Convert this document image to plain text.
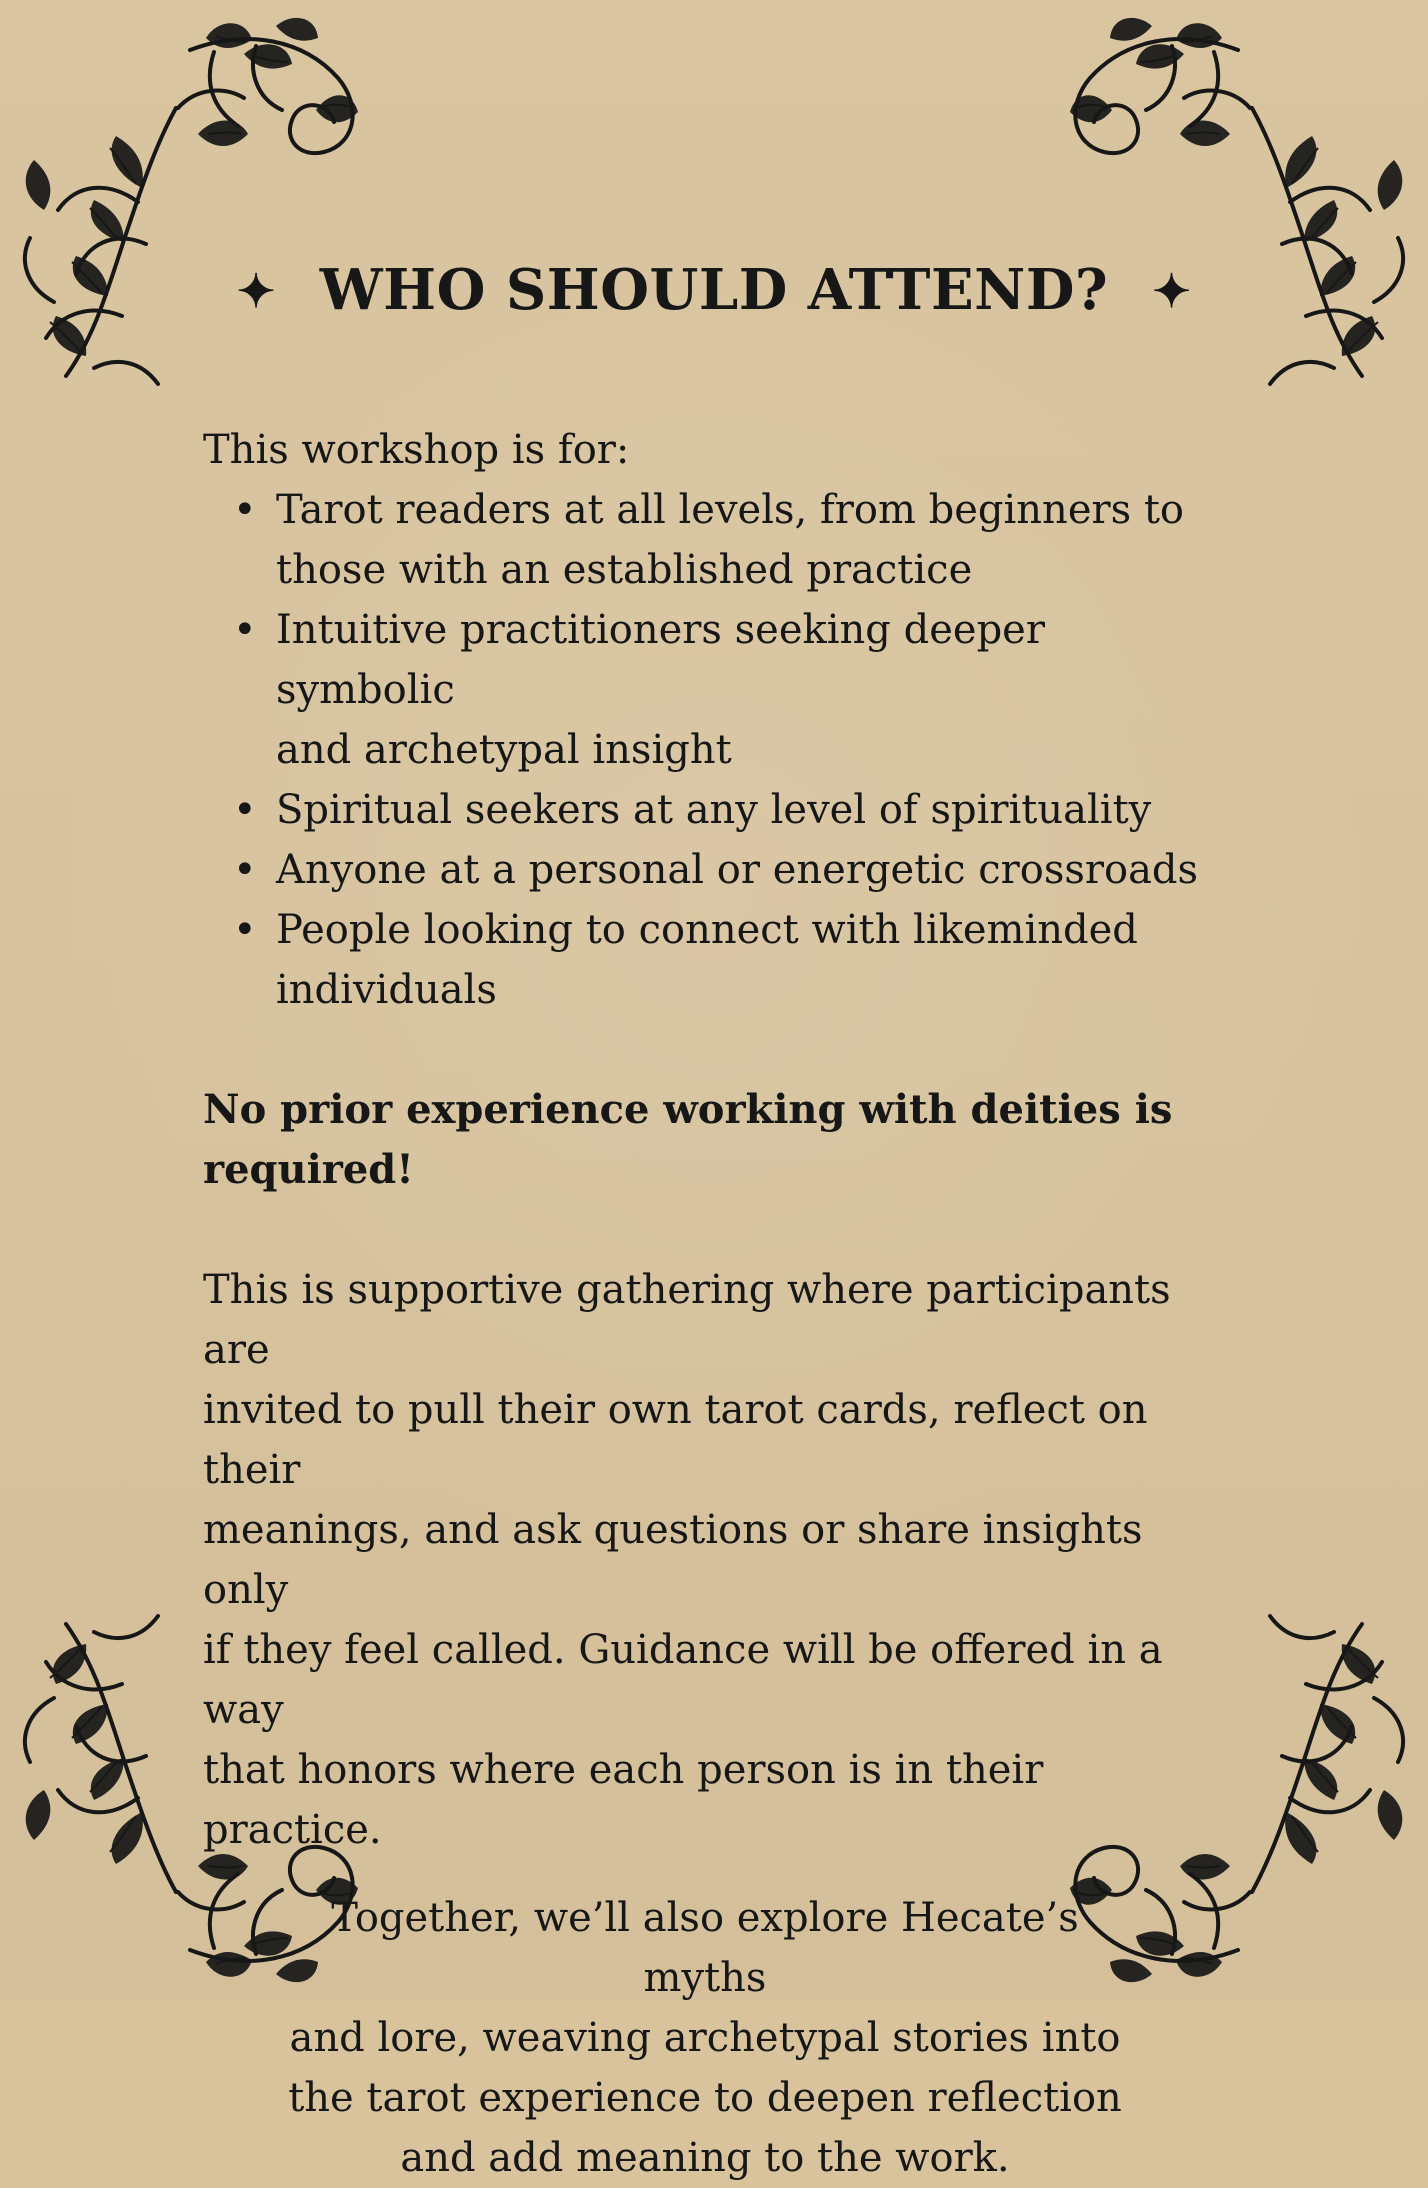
✦ WHO SHOULD ATTEND? ✦
This workshop is for:
• Tarot readers at all levels, from beginners to
those with an established practice
• Intuitive practitioners seeking deeper symbolic
and archetypal insight
• Spiritual seekers at any level of spirituality
• Anyone at a personal or energetic crossroads
• People looking to connect with likeminded
individuals
No prior experience working with deities is
required!
This is supportive gathering where participants are
invited to pull their own tarot cards, reflect on their
meanings, and ask questions or share insights only
if they feel called. Guidance will be offered in a way
that honors where each person is in their practice.
Together, we’ll also explore Hecate’s myths
and lore, weaving archetypal stories into
the tarot experience to deepen reflection
and add meaning to the work.
